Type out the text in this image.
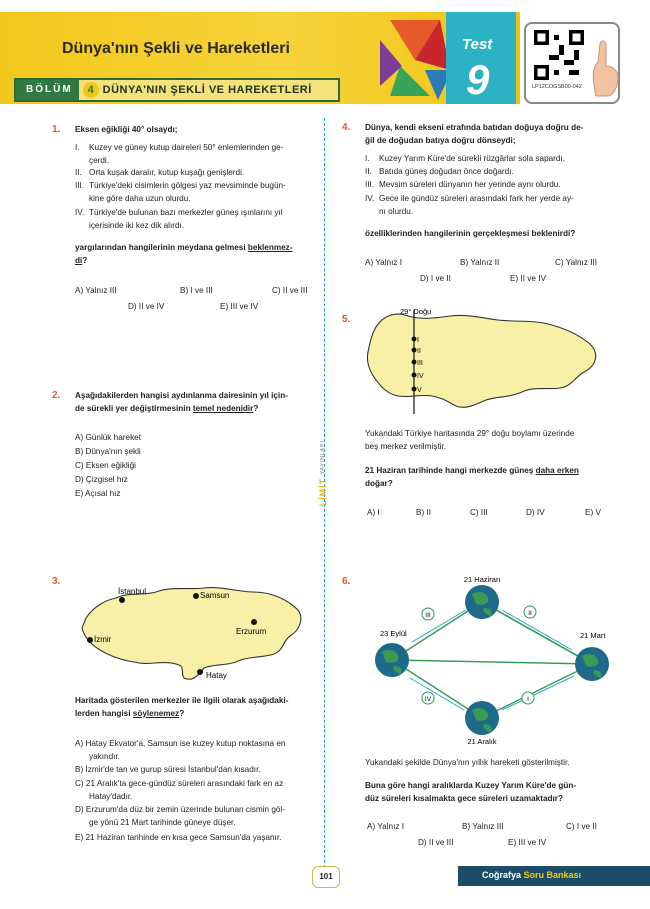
Dünya'nın Şekli ve Hareketleri
BÖLÜM	4 DÜNYA'NIN ŞEKLİ VE HAREKETLERİ
Test
9	LP12COGSB00-042
LİMİT YAYINLARI
1. Eksen eğikliği 40° olsaydı;
I. Kuzey ve güney kutup daireleri 50° enlemlerinden ge-
çerdi.
II. Orta kuşak daralır, kutup kuşağı genişlerdi.
III. Türkiye'deki cisimlerin gölgesi yaz mevsiminde bugün-
kine göre daha uzun olurdu.
IV. Türkiye'de bulunan bazı merkezler güneş ışınlarını yıl
içerisinde iki kez dik alırdı.
yargılarından hangilerinin meydana gelmesi beklenmez-
di?
A) Yalnız III	B) I ve III	C) II ve III
D) II ve IV	E) III ve IV
2. Aşağıdakilerden hangisi aydınlanma dairesinin yıl için-
de sürekli yer değiştirmesinin temel nedenidir?
A) Günlük hareket
B) Dünya'nın şekli
C) Eksen eğikliği
D) Çizgisel hız
E) Açısal hız
3.
İstanbul	Samsun
İzmir
Erzurum
Hatay
Haritada gösterilen merkezler ile ilgili olarak aşağıdaki-
lerden hangisi söylenemez?
A) Hatay Ekvator'a, Samsun ise kuzey kutup noktasına en
yakındır.
B) İzmir'de tan ve gurup süresi İstanbul'dan kısadır.
C) 21 Aralık'ta gece-gündüz süreleri arasındaki fark en az
Hatay'dadır.
D) Erzurum'da düz bir zemin üzerinde bulunan cismin göl-
ge yönü 21 Mart tarihinde güneye düşer.
E) 21 Haziran tarihinde en kısa gece Samsun'da yaşanır.
4. Dünya, kendi ekseni etrafında batıdan doğuya doğru de-
ğil de doğudan batıya doğru dönseydi;
I. Kuzey Yarım Küre'de sürekli rüzgârlar sola sapardı.
II. Batıda güneş doğudan önce doğardı.
III. Mevsim süreleri dünyanın her yerinde aynı olurdu.
IV. Gece ile gündüz süreleri arasındaki fark her yerde ay-
nı olurdu.
özelliklerinden hangilerinin gerçekleşmesi beklenirdi?
A) Yalnız I	B) Yalnız II	C) Yalnız III
D) I ve II	E) II ve IV
5.
29° Doğu
I
II
III
IV
V
Yukandaki Türkiye haritasında 29° doğu boylamı üzerinde
beş merkez verilmiştir.
21 Haziran tarihinde hangi merkezde güneş daha erken
doğar?
A) I	B) II	C) III	D) IV	E) V
6.	21 Haziran
23 Eylül	21 Mart
21 Aralık
III	II
IV	I
Yukandaki şekilde Dünya'nın yıllık hareketi gösterilmiştir.
Buna göre hangi aralıklarda Kuzey Yarım Küre'de gün-
düz süreleri kısalmakta gece süreleri uzamaktadır?
A) Yalnız I	B) Yalnız III	C) I ve II
D) II ve III	E) III ve IV
101	Coğrafya Soru Bankası
